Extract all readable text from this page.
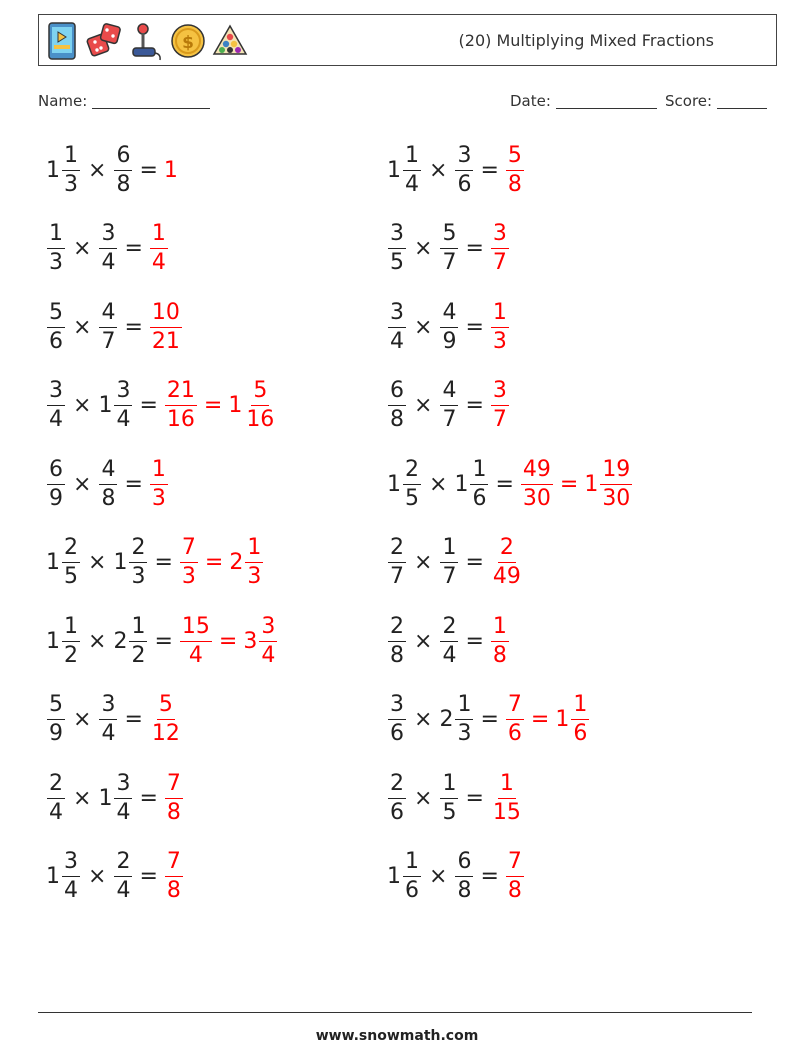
$	(20) Multiplying Mixed Fractions
Name:	Date:	Score:
$1 \frac{1}{3} \times \frac{6}{8} = 1$	$1 \frac{1}{4} \times \frac{3}{6} = \frac{5}{8}$
$\frac{1}{3} \times \frac{3}{4} = \frac{1}{4}$	$\frac{3}{5} \times \frac{5}{7} = \frac{3}{7}$
$\frac{5}{6} \times \frac{4}{7} = \frac{10}{21}$	$\frac{3}{4} \times \frac{4}{9} = \frac{1}{3}$
$\frac{3}{4} \times 1 \frac{3}{4} = \frac{21}{16} = 1 \frac{5}{16}$	$\frac{6}{8} \times \frac{4}{7} = \frac{3}{7}$
$\frac{6}{9} \times \frac{4}{8} = \frac{1}{3}$	$1 \frac{2}{5} \times 1 \frac{1}{6} = \frac{49}{30} = 1 \frac{19}{30}$
$1 \frac{2}{5} \times 1 \frac{2}{3} = \frac{7}{3} = 2 \frac{1}{3}$	$\frac{2}{7} \times \frac{1}{7} = \frac{2}{49}$
$1 \frac{1}{2} \times 2 \frac{1}{2} = \frac{15}{4} = 3 \frac{3}{4}$	$\frac{2}{8} \times \frac{2}{4} = \frac{1}{8}$
$\frac{5}{9} \times \frac{3}{4} = \frac{5}{12}$	$\frac{3}{6} \times 2 \frac{1}{3} = \frac{7}{6} = 1 \frac{1}{6}$
$\frac{2}{4} \times 1 \frac{3}{4} = \frac{7}{8}$	$\frac{2}{6} \times \frac{1}{5} = \frac{1}{15}$
$1 \frac{3}{4} \times \frac{2}{4} = \frac{7}{8}$	$1 \frac{1}{6} \times \frac{6}{8} = \frac{7}{8}$
www.snowmath.com
